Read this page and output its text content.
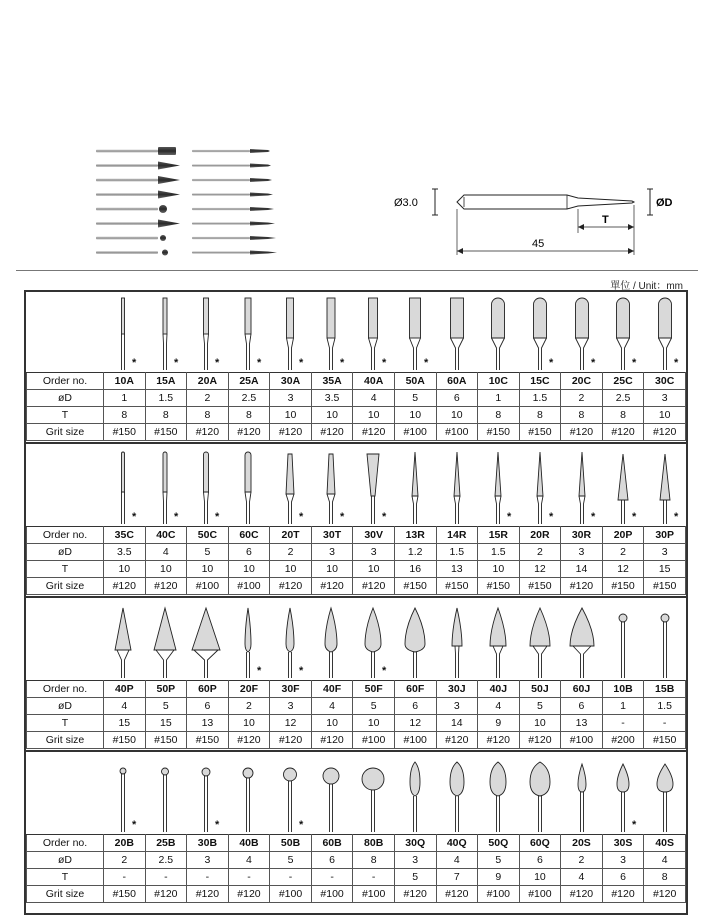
Ø3.0	ØD
T
45
單位 / Unit：mm
*	*	*	*	*	*	*	*	*	*	*	*
Order no.	10A	15A	20A	25A	30A	35A	40A	50A	60A	10C	15C	20C	25C	30C
øD	1	1.5	2	2.5	3	3.5	4	5	6	1	1.5	2	2.5	3
T	8	8	8	8	10	10	10	10	10	8	8	8	8	10
Grit size	#150	#150	#120	#120	#120	#120	#120	#100	#100	#150	#150	#120	#120	#120
*	*	*	*	*	*	*	*	*	*	*
Order no.	35C	40C	50C	60C	20T	30T	30V	13R	14R	15R	20R	30R	20P	30P
øD	3.5	4	5	6	2	3	3	1.2	1.5	1.5	2	3	2	3
T	10	10	10	10	10	10	10	16	13	10	12	14	12	15
Grit size	#120	#120	#100	#100	#120	#120	#120	#150	#150	#150	#150	#120	#150	#150
*	*	*
Order no.	40P	50P	60P	20F	30F	40F	50F	60F	30J	40J	50J	60J	10B	15B
øD	4	5	6	2	3	4	5	6	3	4	5	6	1	1.5
T	15	15	13	10	12	10	10	12	14	9	10	13	-	-
Grit size	#150	#150	#150	#120	#120	#120	#100	#100	#120	#120	#120	#100	#200	#150
*	*	*	*
Order no.	20B	25B	30B	40B	50B	60B	80B	30Q	40Q	50Q	60Q	20S	30S	40S
øD	2	2.5	3	4	5	6	8	3	4	5	6	2	3	4
T	-	-	-	-	-	-	-	5	7	9	10	4	6	8
Grit size	#150	#120	#120	#120	#100	#100	#100	#120	#120	#100	#100	#120	#120	#120
